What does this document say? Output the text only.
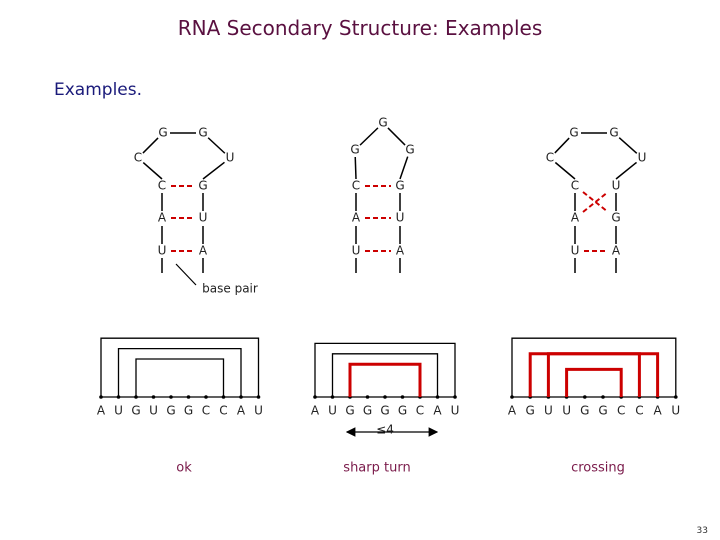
RNA Secondary Structure: Examples
Examples.
U	A
A	U
C	G
C
G	G
U
U	A
A	U
C	G
G
G
G
U	A
A	G
C	U
C
G	G
U
A U G U G G C C A U	A U G G G G C A U	A G U U G G C C A U
base pair
≤4
ok	sharp turn	crossing
33
